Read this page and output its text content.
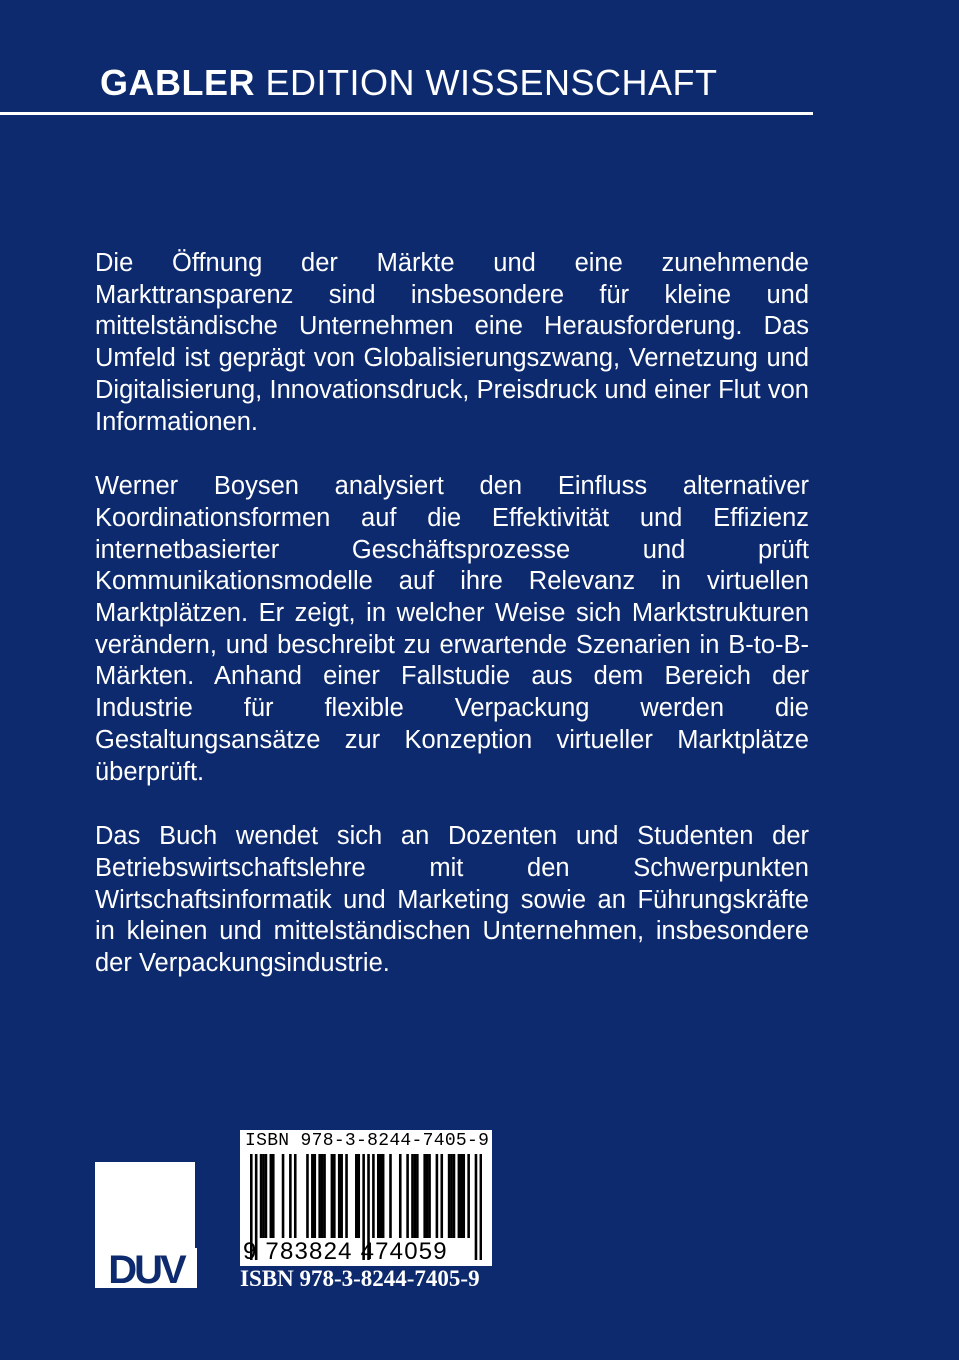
GABLER EDITION WISSENSCHAFT

Die Öffnung der Märkte und eine zunehmende Markttransparenz sind insbesondere für kleine und mittelständische Unternehmen eine Herausforderung. Das Umfeld ist geprägt von Globalisierungszwang, Vernetzung und Digitalisierung, Innovationsdruck, Preisdruck und einer Flut von Informationen.

Werner Boysen analysiert den Einfluss alternativer Koordinationsformen auf die Effektivität und Effizienz internetbasierter Geschäftsprozesse und prüft Kommunikationsmodelle auf ihre Relevanz in virtuellen Marktplätzen. Er zeigt, in welcher Weise sich Marktstrukturen verändern, und beschreibt zu erwartende Szenarien in B-to-B-Märkten. Anhand einer Fallstudie aus dem Bereich der Industrie für flexible Verpackung werden die Gestaltungsansätze zur Konzeption virtueller Marktplätze überprüft.

Das Buch wendet sich an Dozenten und Studenten der Betriebswirtschaftslehre mit den Schwerpunkten Wirtschaftsinformatik und Marketing sowie an Führungskräfte in kleinen und mittelständischen Unternehmen, insbesondere der Verpackungsindustrie.

DUV
ISBN 978-3-8244-7405-9
9 783824 474059
ISBN 978-3-8244-7405-9
